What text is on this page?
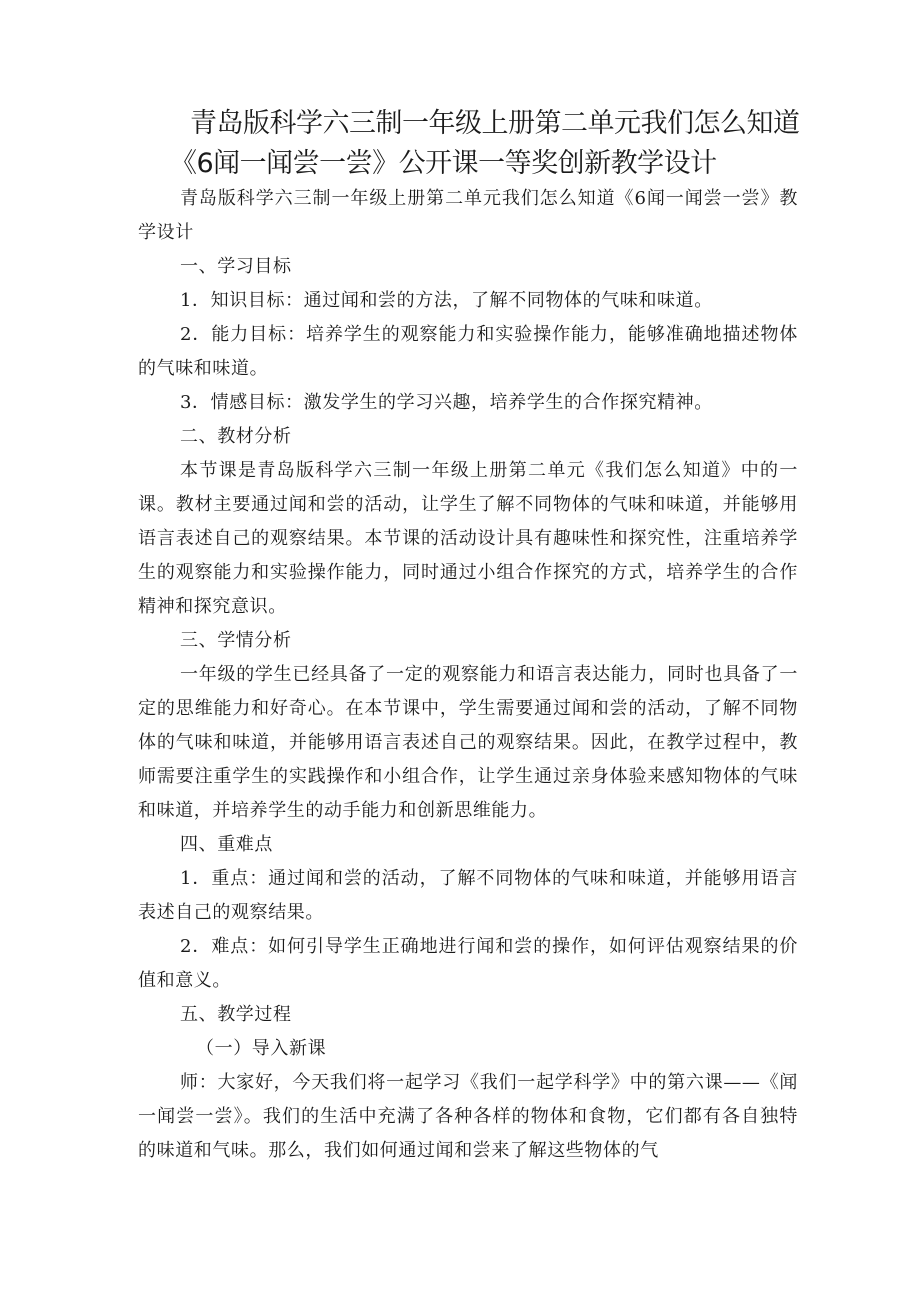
青岛版科学六三制一年级上册第二单元我们怎么知道《6闻一闻尝一尝》公开课一等奖创新教学设计

青岛版科学六三制一年级上册第二单元我们怎么知道《6闻一闻尝一尝》教学设计

一、学习目标

1．知识目标：通过闻和尝的方法，了解不同物体的气味和味道。

2．能力目标：培养学生的观察能力和实验操作能力，能够准确地描述物体的气味和味道。

3．情感目标：激发学生的学习兴趣，培养学生的合作探究精神。

二、教材分析

本节课是青岛版科学六三制一年级上册第二单元《我们怎么知道》中的一课。教材主要通过闻和尝的活动，让学生了解不同物体的气味和味道，并能够用语言表述自己的观察结果。本节课的活动设计具有趣味性和探究性，注重培养学生的观察能力和实验操作能力，同时通过小组合作探究的方式，培养学生的合作精神和探究意识。

三、学情分析

一年级的学生已经具备了一定的观察能力和语言表达能力，同时也具备了一定的思维能力和好奇心。在本节课中，学生需要通过闻和尝的活动，了解不同物体的气味和味道，并能够用语言表述自己的观察结果。因此，在教学过程中，教师需要注重学生的实践操作和小组合作，让学生通过亲身体验来感知物体的气味和味道，并培养学生的动手能力和创新思维能力。

四、重难点

1．重点：通过闻和尝的活动，了解不同物体的气味和味道，并能够用语言表述自己的观察结果。

2．难点：如何引导学生正确地进行闻和尝的操作，如何评估观察结果的价值和意义。

五、教学过程

（一）导入新课

师：大家好，今天我们将一起学习《我们一起学科学》中的第六课——《闻一闻尝一尝》。我们的生活中充满了各种各样的物体和食物，它们都有各自独特的味道和气味。那么，我们如何通过闻和尝来了解这些物体的气
